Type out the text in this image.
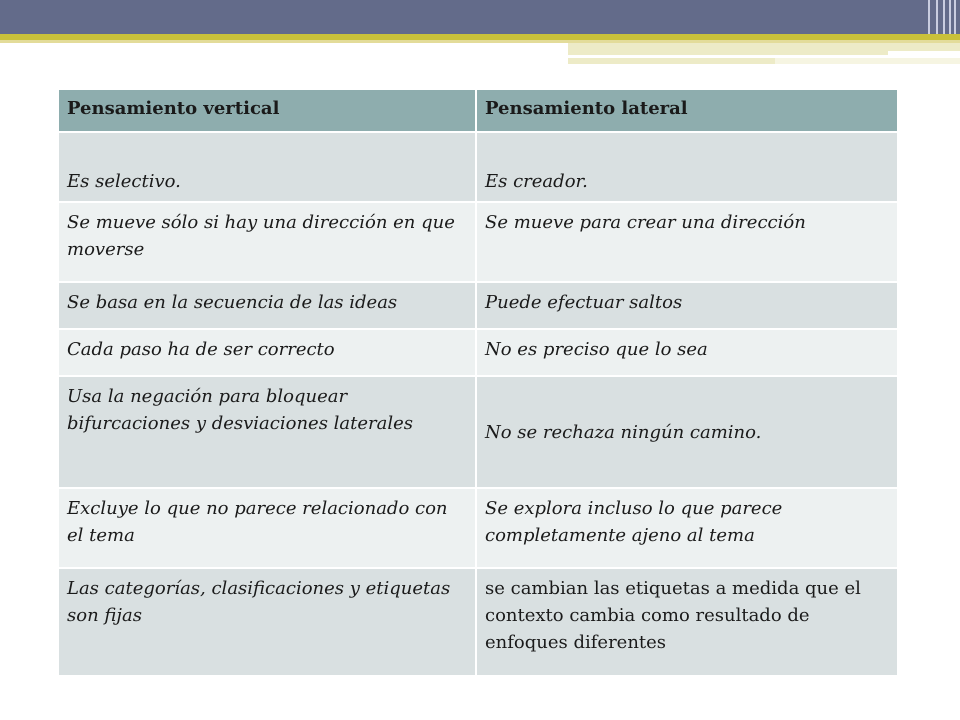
Pensamiento vertical	Pensamiento lateral
Es selectivo.	Es creador.
Se mueve sólo si hay una dirección en que moverse	Se mueve para crear una dirección
Se basa en la secuencia de las ideas	Puede efectuar saltos
Cada paso ha de ser correcto	No es preciso que lo sea
Usa la negación para bloquear bifurcaciones y desviaciones laterales	No se rechaza ningún camino.
Excluye lo que no parece relacionado con el tema	Se explora incluso lo que parece completamente ajeno al tema
Las categorías, clasificaciones y etiquetas son fijas	se cambian las etiquetas a medida que el contexto cambia como resultado de enfoques diferentes
